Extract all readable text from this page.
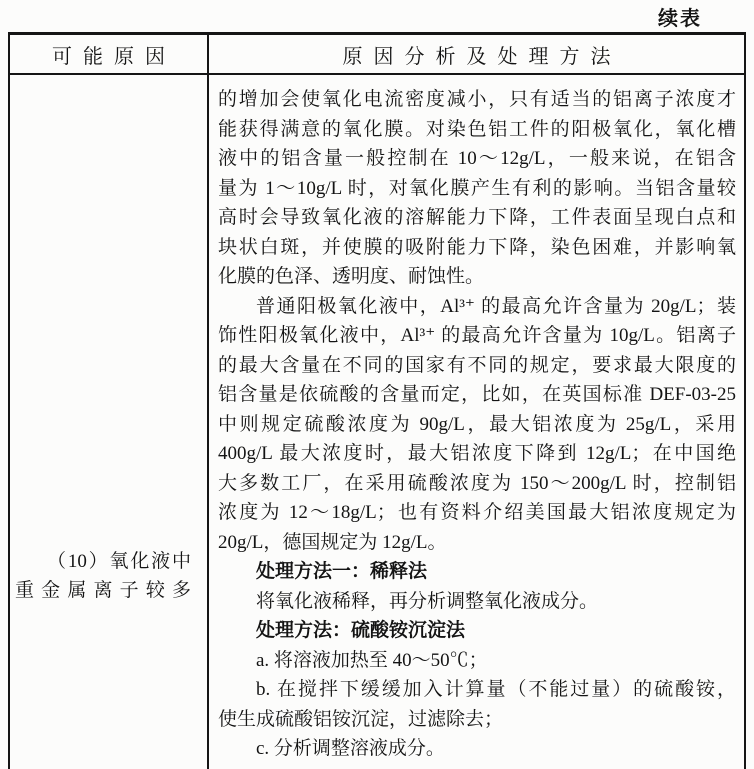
续表
可能原因	原因分析及处理方法
（10）氧化液中
重金属离子较多
的增加会使氧化电流密度减小，只有适当的铝离子浓度才
能获得满意的氧化膜。对染色铝工件的阳极氧化，氧化槽
液中的铝含量一般控制在 10～12g/L，一般来说，在铝含
量为 1～10g/L 时，对氧化膜产生有利的影响。当铝含量较
高时会导致氧化液的溶解能力下降，工件表面呈现白点和
块状白斑，并使膜的吸附能力下降，染色困难，并影响氧
化膜的色泽、透明度、耐蚀性。
普通阳极氧化液中，Al³⁺ 的最高允许含量为 20g/L；装
饰性阳极氧化液中，Al³⁺ 的最高允许含量为 10g/L。铝离子
的最大含量在不同的国家有不同的规定，要求最大限度的
铝含量是依硫酸的含量而定，比如，在英国标准 DEF-03-25
中则规定硫酸浓度为 90g/L，最大铝浓度为 25g/L，采用
400g/L 最大浓度时，最大铝浓度下降到 12g/L；在中国绝
大多数工厂，在采用硫酸浓度为 150～200g/L 时，控制铝
浓度为 12～18g/L；也有资料介绍美国最大铝浓度规定为
20g/L，德国规定为 12g/L。
处理方法一：稀释法
将氧化液稀释，再分析调整氧化液成分。
处理方法：硫酸铵沉淀法
a. 将溶液加热至 40～50℃；
b. 在搅拌下缓缓加入计算量（不能过量）的硫酸铵，
使生成硫酸铝铵沉淀，过滤除去；
c. 分析调整溶液成分。
